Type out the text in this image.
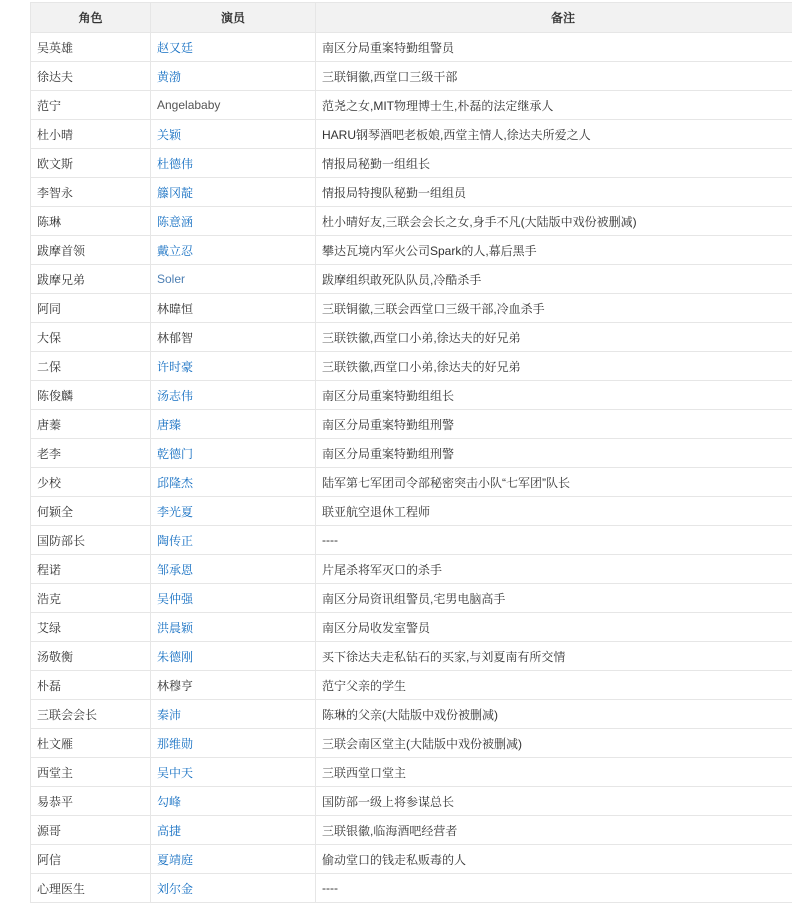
角色	演员	备注
吴英雄	赵又廷	南区分局重案特勤组警员
徐达夫	黄渤	三联铜徽,西堂口三级干部
范宁	Angelababy	范尧之女,MIT物理博士生,朴磊的法定继承人
杜小晴	关颖	HARU钢琴酒吧老板娘,西堂主情人,徐达夫所爱之人
欧文斯	杜德伟	情报局秘勤一组组长
李智永	籐冈靛	情报局特搜队秘勤一组组员
陈琳	陈意涵	杜小晴好友,三联会会长之女,身手不凡(大陆版中戏份被删减)
跋摩首领	戴立忍	攀达瓦境内军火公司Spark的人,幕后黑手
跋摩兄弟	Soler	跋摩组织敢死队队员,冷酷杀手
阿同	林暐恒	三联铜徽,三联会西堂口三级干部,冷血杀手
大保	林郁智	三联铁徽,西堂口小弟,徐达夫的好兄弟
二保	许时豪	三联铁徽,西堂口小弟,徐达夫的好兄弟
陈俊麟	汤志伟	南区分局重案特勤组组长
唐蓁	唐臻	南区分局重案特勤组刑警
老李	乾德门	南区分局重案特勤组刑警
少校	邱隆杰	陆军第七军团司令部秘密突击小队“七军团”队长
何颖全	李光夏	联亚航空退休工程师
国防部长	陶传正	----
程诺	邹承恩	片尾杀将军灭口的杀手
浩克	吴仲强	南区分局资讯组警员,宅男电脑高手
艾绿	洪晨颖	南区分局收发室警员
汤敬衡	朱德刚	买下徐达夫走私钻石的买家,与刘夏南有所交情
朴磊	林穆亨	范宁父亲的学生
三联会会长	秦沛	陈琳的父亲(大陆版中戏份被删减)
杜文雁	那维勋	三联会南区堂主(大陆版中戏份被删减)
西堂主	吴中天	三联西堂口堂主
易恭平	勾峰	国防部一级上将参谋总长
源哥	高捷	三联银徽,临海酒吧经营者
阿信	夏靖庭	偷动堂口的钱走私贩毒的人
心理医生	刘尔金	----
